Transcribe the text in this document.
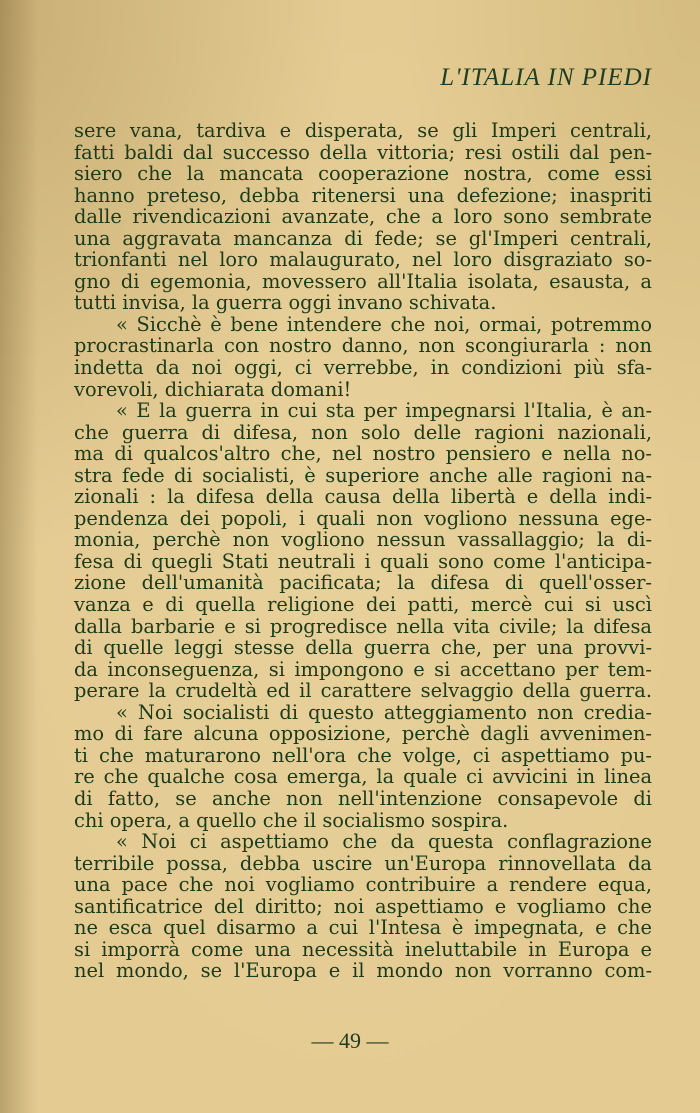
L'ITALIA IN PIEDI
sere vana, tardiva e disperata, se gli Imperi centrali,
fatti baldi dal successo della vittoria; resi ostili dal pen-
siero che la mancata cooperazione nostra, come essi
hanno preteso, debba ritenersi una defezione; inaspriti
dalle rivendicazioni avanzate, che a loro sono sembrate
una aggravata mancanza di fede; se gl'Imperi centrali,
trionfanti nel loro malaugurato, nel loro disgraziato so-
gno di egemonia, movessero all'Italia isolata, esausta, a
tutti invisa, la guerra oggi invano schivata.
« Sicchè è bene intendere che noi, ormai, potremmo
procrastinarla con nostro danno, non scongiurarla : non
indetta da noi oggi, ci verrebbe, in condizioni più sfa-
vorevoli, dichiarata domani!
« E la guerra in cui sta per impegnarsi l'Italia, è an-
che guerra di difesa, non solo delle ragioni nazionali,
ma di qualcos'altro che, nel nostro pensiero e nella no-
stra fede di socialisti, è superiore anche alle ragioni na-
zionali : la difesa della causa della libertà e della indi-
pendenza dei popoli, i quali non vogliono nessuna ege-
monia, perchè non vogliono nessun vassallaggio; la di-
fesa di quegli Stati neutrali i quali sono come l'anticipa-
zione dell'umanità pacificata; la difesa di quell'osser-
vanza e di quella religione dei patti, mercè cui si uscì
dalla barbarie e si progredisce nella vita civile; la difesa
di quelle leggi stesse della guerra che, per una provvi-
da inconseguenza, si impongono e si accettano per tem-
perare la crudeltà ed il carattere selvaggio della guerra.
« Noi socialisti di questo atteggiamento non credia-
mo di fare alcuna opposizione, perchè dagli avvenimen-
ti che maturarono nell'ora che volge, ci aspettiamo pu-
re che qualche cosa emerga, la quale ci avvicini in linea
di fatto, se anche non nell'intenzione consapevole di
chi opera, a quello che il socialismo sospira.
« Noi ci aspettiamo che da questa conflagrazione
terribile possa, debba uscire un'Europa rinnovellata da
una pace che noi vogliamo contribuire a rendere equa,
santificatrice del diritto; noi aspettiamo e vogliamo che
ne esca quel disarmo a cui l'Intesa è impegnata, e che
si imporrà come una necessità ineluttabile in Europa e
nel mondo, se l'Europa e il mondo non vorranno com-
— 49 —
